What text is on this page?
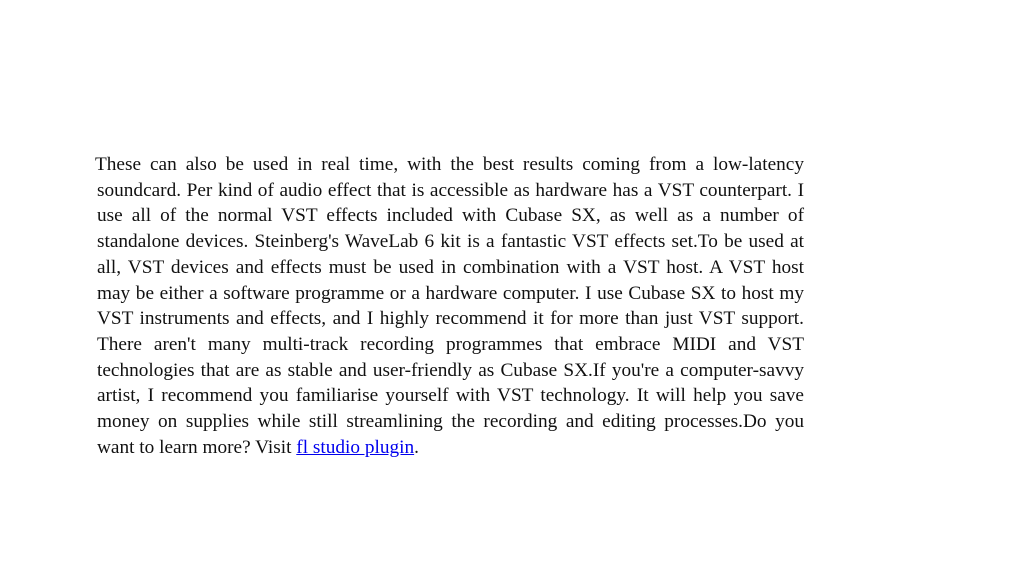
These can also be used in real time, with the best results coming from a low-latency soundcard. Per kind of audio effect that is accessible as hardware has a VST counterpart. I use all of the normal VST effects included with Cubase SX, as well as a number of standalone devices. Steinberg's WaveLab 6 kit is a fantastic VST effects set.To be used at all, VST devices and effects must be used in combination with a VST host. A VST host may be either a software programme or a hardware computer. I use Cubase SX to host my VST instruments and effects, and I highly recommend it for more than just VST support. There aren't many multi-track recording programmes that embrace MIDI and VST technologies that are as stable and user-friendly as Cubase SX.If you're a computer-savvy artist, I recommend you familiarise yourself with VST technology. It will help you save money on supplies while still streamlining the recording and editing processes.Do you want to learn more? Visit fl studio plugin.
